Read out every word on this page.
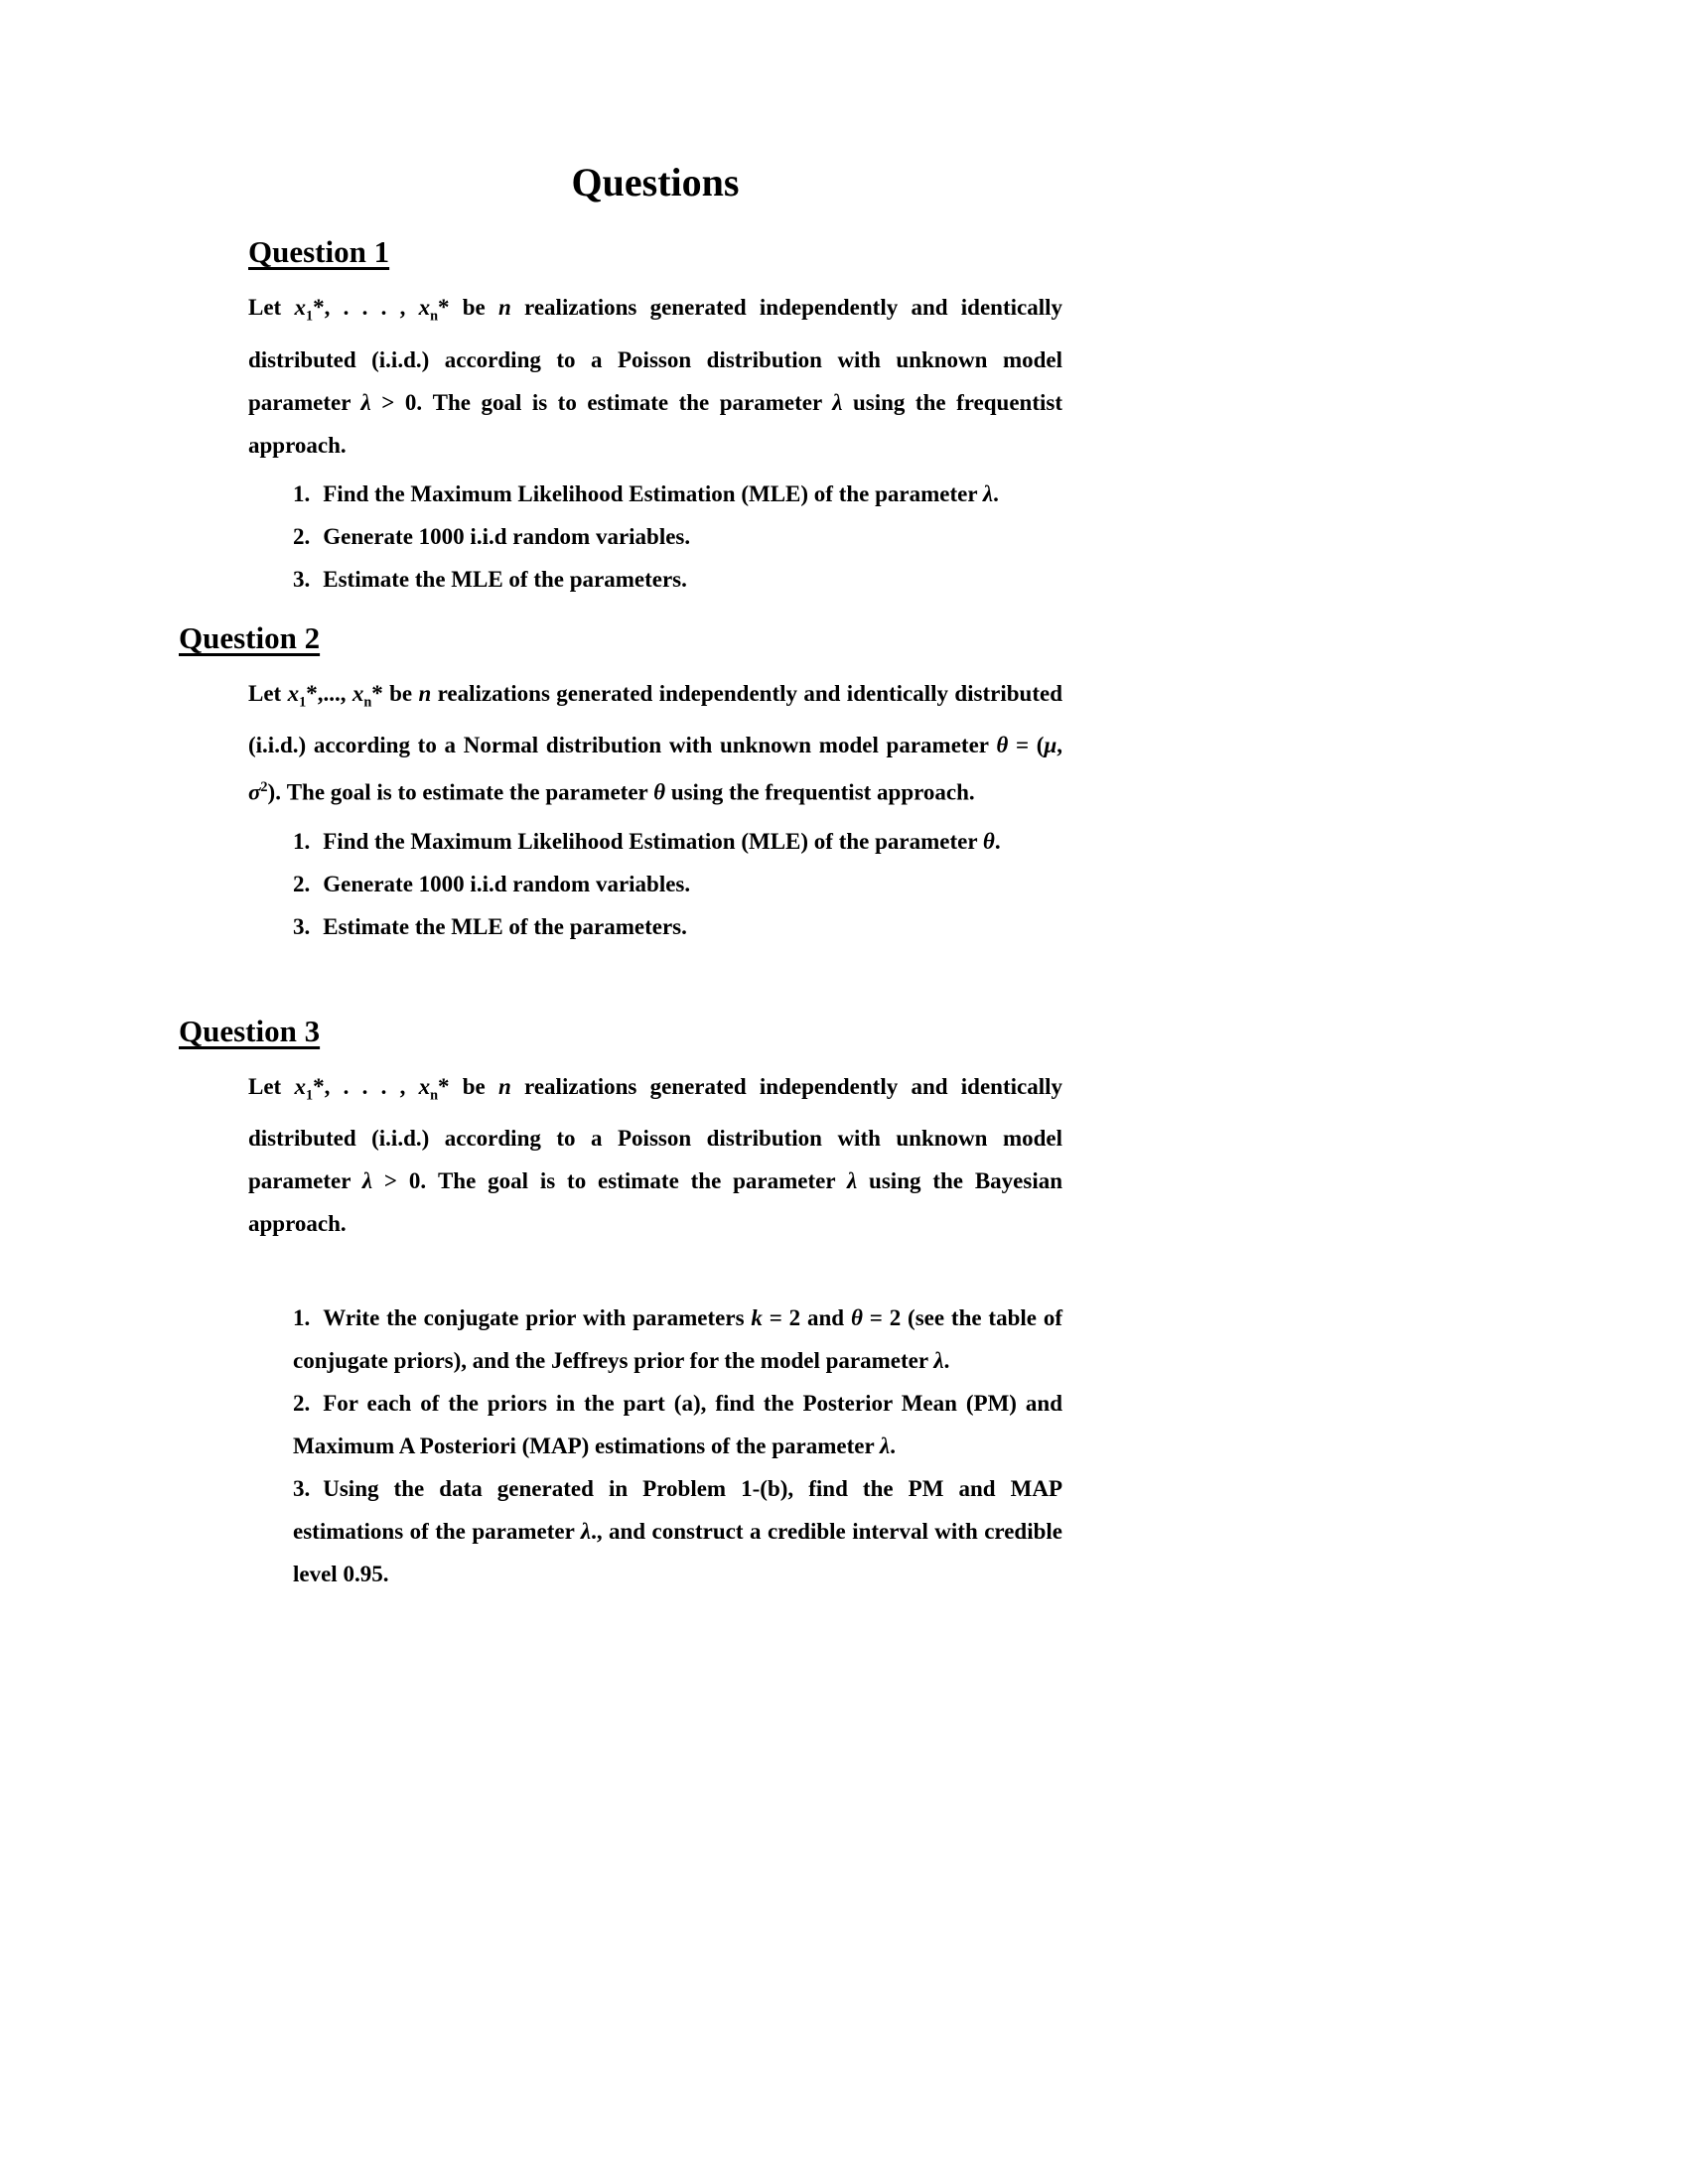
Questions
Question 1
Let $x_1*$, . . . , $x_n*$ be n realizations generated independently and identically distributed (i.i.d.) according to a Poisson distribution with unknown model parameter λ > 0. The goal is to estimate the parameter λ using the frequentist approach.
1. Find the Maximum Likelihood Estimation (MLE) of the parameter λ.
2. Generate 1000 i.i.d random variables.
3. Estimate the MLE of the parameters.
Question 2
Let $x_1*$,..., $x_n*$ be n realizations generated independently and identically distributed (i.i.d.) according to a Normal distribution with unknown model parameter θ = (μ, $\sigma^2$). The goal is to estimate the parameter θ using the frequentist approach.
1. Find the Maximum Likelihood Estimation (MLE) of the parameter θ.
2. Generate 1000 i.i.d random variables.
3. Estimate the MLE of the parameters.
Question 3
Let $x_1*$, . . . , $x_n*$ be n realizations generated independently and identically distributed (i.i.d.) according to a Poisson distribution with unknown model parameter λ > 0. The goal is to estimate the parameter λ using the Bayesian approach.
1. Write the conjugate prior with parameters k = 2 and θ = 2 (see the table of conjugate priors), and the Jeffreys prior for the model parameter λ.
2. For each of the priors in the part (a), find the Posterior Mean (PM) and Maximum A Posteriori (MAP) estimations of the parameter λ.
3. Using the data generated in Problem 1-(b), find the PM and MAP estimations of the parameter λ., and construct a credible interval with credible level 0.95.
